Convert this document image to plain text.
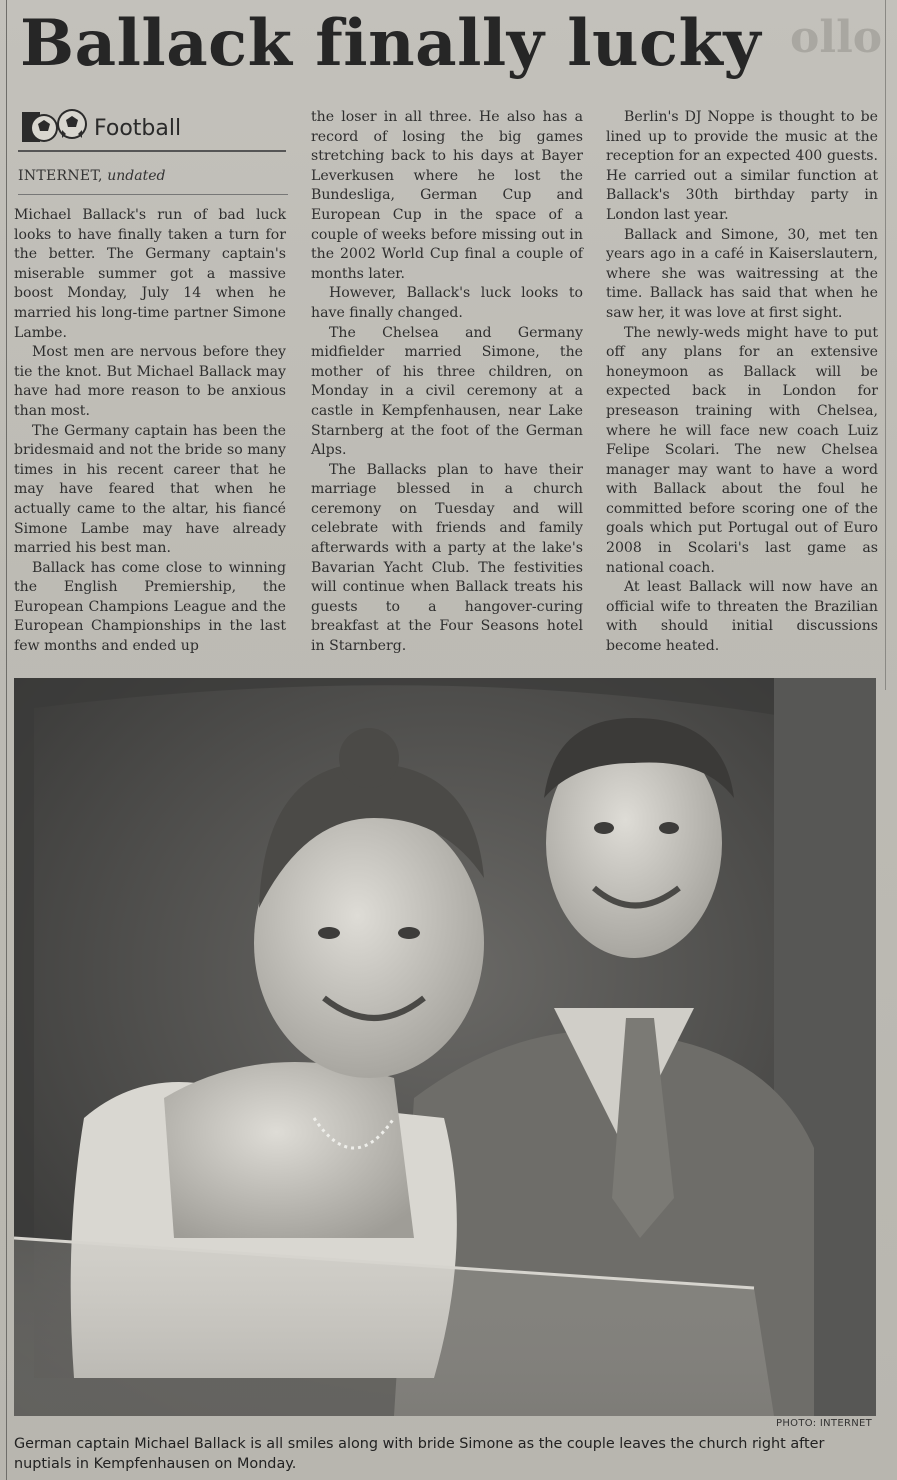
ollo
Ballack finally lucky
Football
INTERNET, undated

Michael Ballack's run of bad luck looks to have finally taken a turn for the better. The Germany captain's miserable summer got a massive boost Monday, July 14 when he married his long-time partner Simone Lambe.

Most men are nervous before they tie the knot. But Michael Ballack may have had more reason to be anxious than most.

The Germany captain has been the bridesmaid and not the bride so many times in his recent career that he may have feared that when he actually came to the altar, his fiancé Simone Lambe may have already married his best man.

Ballack has come close to winning the English Premiership, the European Champions League and the European Championships in the last few months and ended up

the loser in all three. He also has a record of losing the big games stretching back to his days at Bayer Leverkusen where he lost the Bundesliga, German Cup and European Cup in the space of a couple of weeks before missing out in the 2002 World Cup final a couple of months later.

However, Ballack's luck looks to have finally changed.

The Chelsea and Germany midfielder married Simone, the mother of his three children, on Monday in a civil ceremony at a castle in Kempfenhausen, near Lake Starnberg at the foot of the German Alps.

The Ballacks plan to have their marriage blessed in a church ceremony on Tuesday and will celebrate with friends and family afterwards with a party at the lake's Bavarian Yacht Club. The festivities will continue when Ballack treats his guests to a hangover-curing breakfast at the Four Seasons hotel in Starnberg.

Berlin's DJ Noppe is thought to be lined up to provide the music at the reception for an expected 400 guests. He carried out a similar function at Ballack's 30th birthday party in London last year.

Ballack and Simone, 30, met ten years ago in a café in Kaiserslautern, where she was waitressing at the time. Ballack has said that when he saw her, it was love at first sight.

The newly-weds might have to put off any plans for an extensive honeymoon as Ballack will be expected back in London for preseason training with Chelsea, where he will face new coach Luiz Felipe Scolari. The new Chelsea manager may want to have a word with Ballack about the foul he committed before scoring one of the goals which put Portugal out of Euro 2008 in Scolari's last game as national coach.

At least Ballack will now have an official wife to threaten the Brazilian with should initial discussions become heated.

PHOTO: INTERNET
German captain Michael Ballack is all smiles along with bride Simone as the couple leaves the church right after nuptials in Kempfenhausen on Monday.
